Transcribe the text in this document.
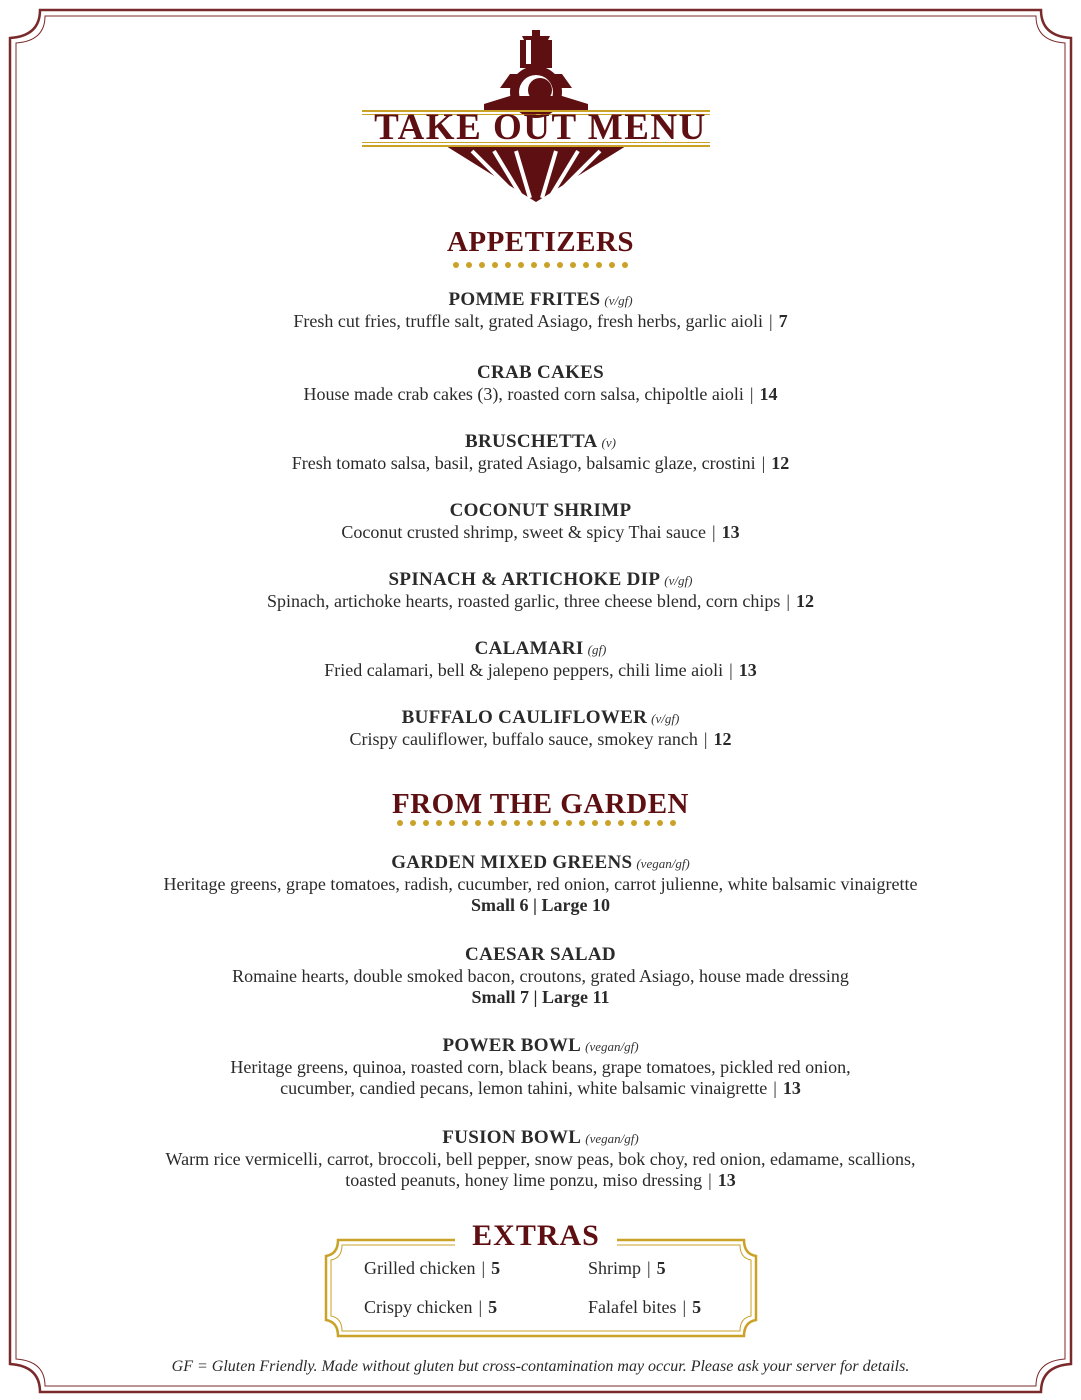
TAKE OUT MENU
APPETIZERS
POMME FRITES (v/gf)
Fresh cut fries, truffle salt, grated Asiago, fresh herbs, garlic aioli | 7
CRAB CAKES
House made crab cakes (3), roasted corn salsa, chipoltle aioli | 14
BRUSCHETTA (v)
Fresh tomato salsa, basil, grated Asiago, balsamic glaze, crostini | 12
COCONUT SHRIMP
Coconut crusted shrimp, sweet & spicy Thai sauce | 13
SPINACH & ARTICHOKE DIP (v/gf)
Spinach, artichoke hearts, roasted garlic, three cheese blend, corn chips | 12
CALAMARI (gf)
Fried calamari, bell & jalepeno peppers, chili lime aioli | 13
BUFFALO CAULIFLOWER (v/gf)
Crispy cauliflower, buffalo sauce, smokey ranch | 12
FROM THE GARDEN
GARDEN MIXED GREENS (vegan/gf)
Heritage greens, grape tomatoes, radish, cucumber, red onion, carrot julienne, white balsamic vinaigrette
Small 6 | Large 10
CAESAR SALAD
Romaine hearts, double smoked bacon, croutons, grated Asiago, house made dressing
Small 7 | Large 11
POWER BOWL (vegan/gf)
Heritage greens, quinoa, roasted corn, black beans, grape tomatoes, pickled red onion,
cucumber, candied pecans, lemon tahini, white balsamic vinaigrette | 13
FUSION BOWL (vegan/gf)
Warm rice vermicelli, carrot, broccoli, bell pepper, snow peas, bok choy, red onion, edamame, scallions,
toasted peanuts, honey lime ponzu, miso dressing | 13
EXTRAS
Grilled chicken | 5	Shrimp | 5
Crispy chicken | 5	Falafel bites | 5
GF = Gluten Friendly. Made without gluten but cross-contamination may occur. Please ask your server for details.
